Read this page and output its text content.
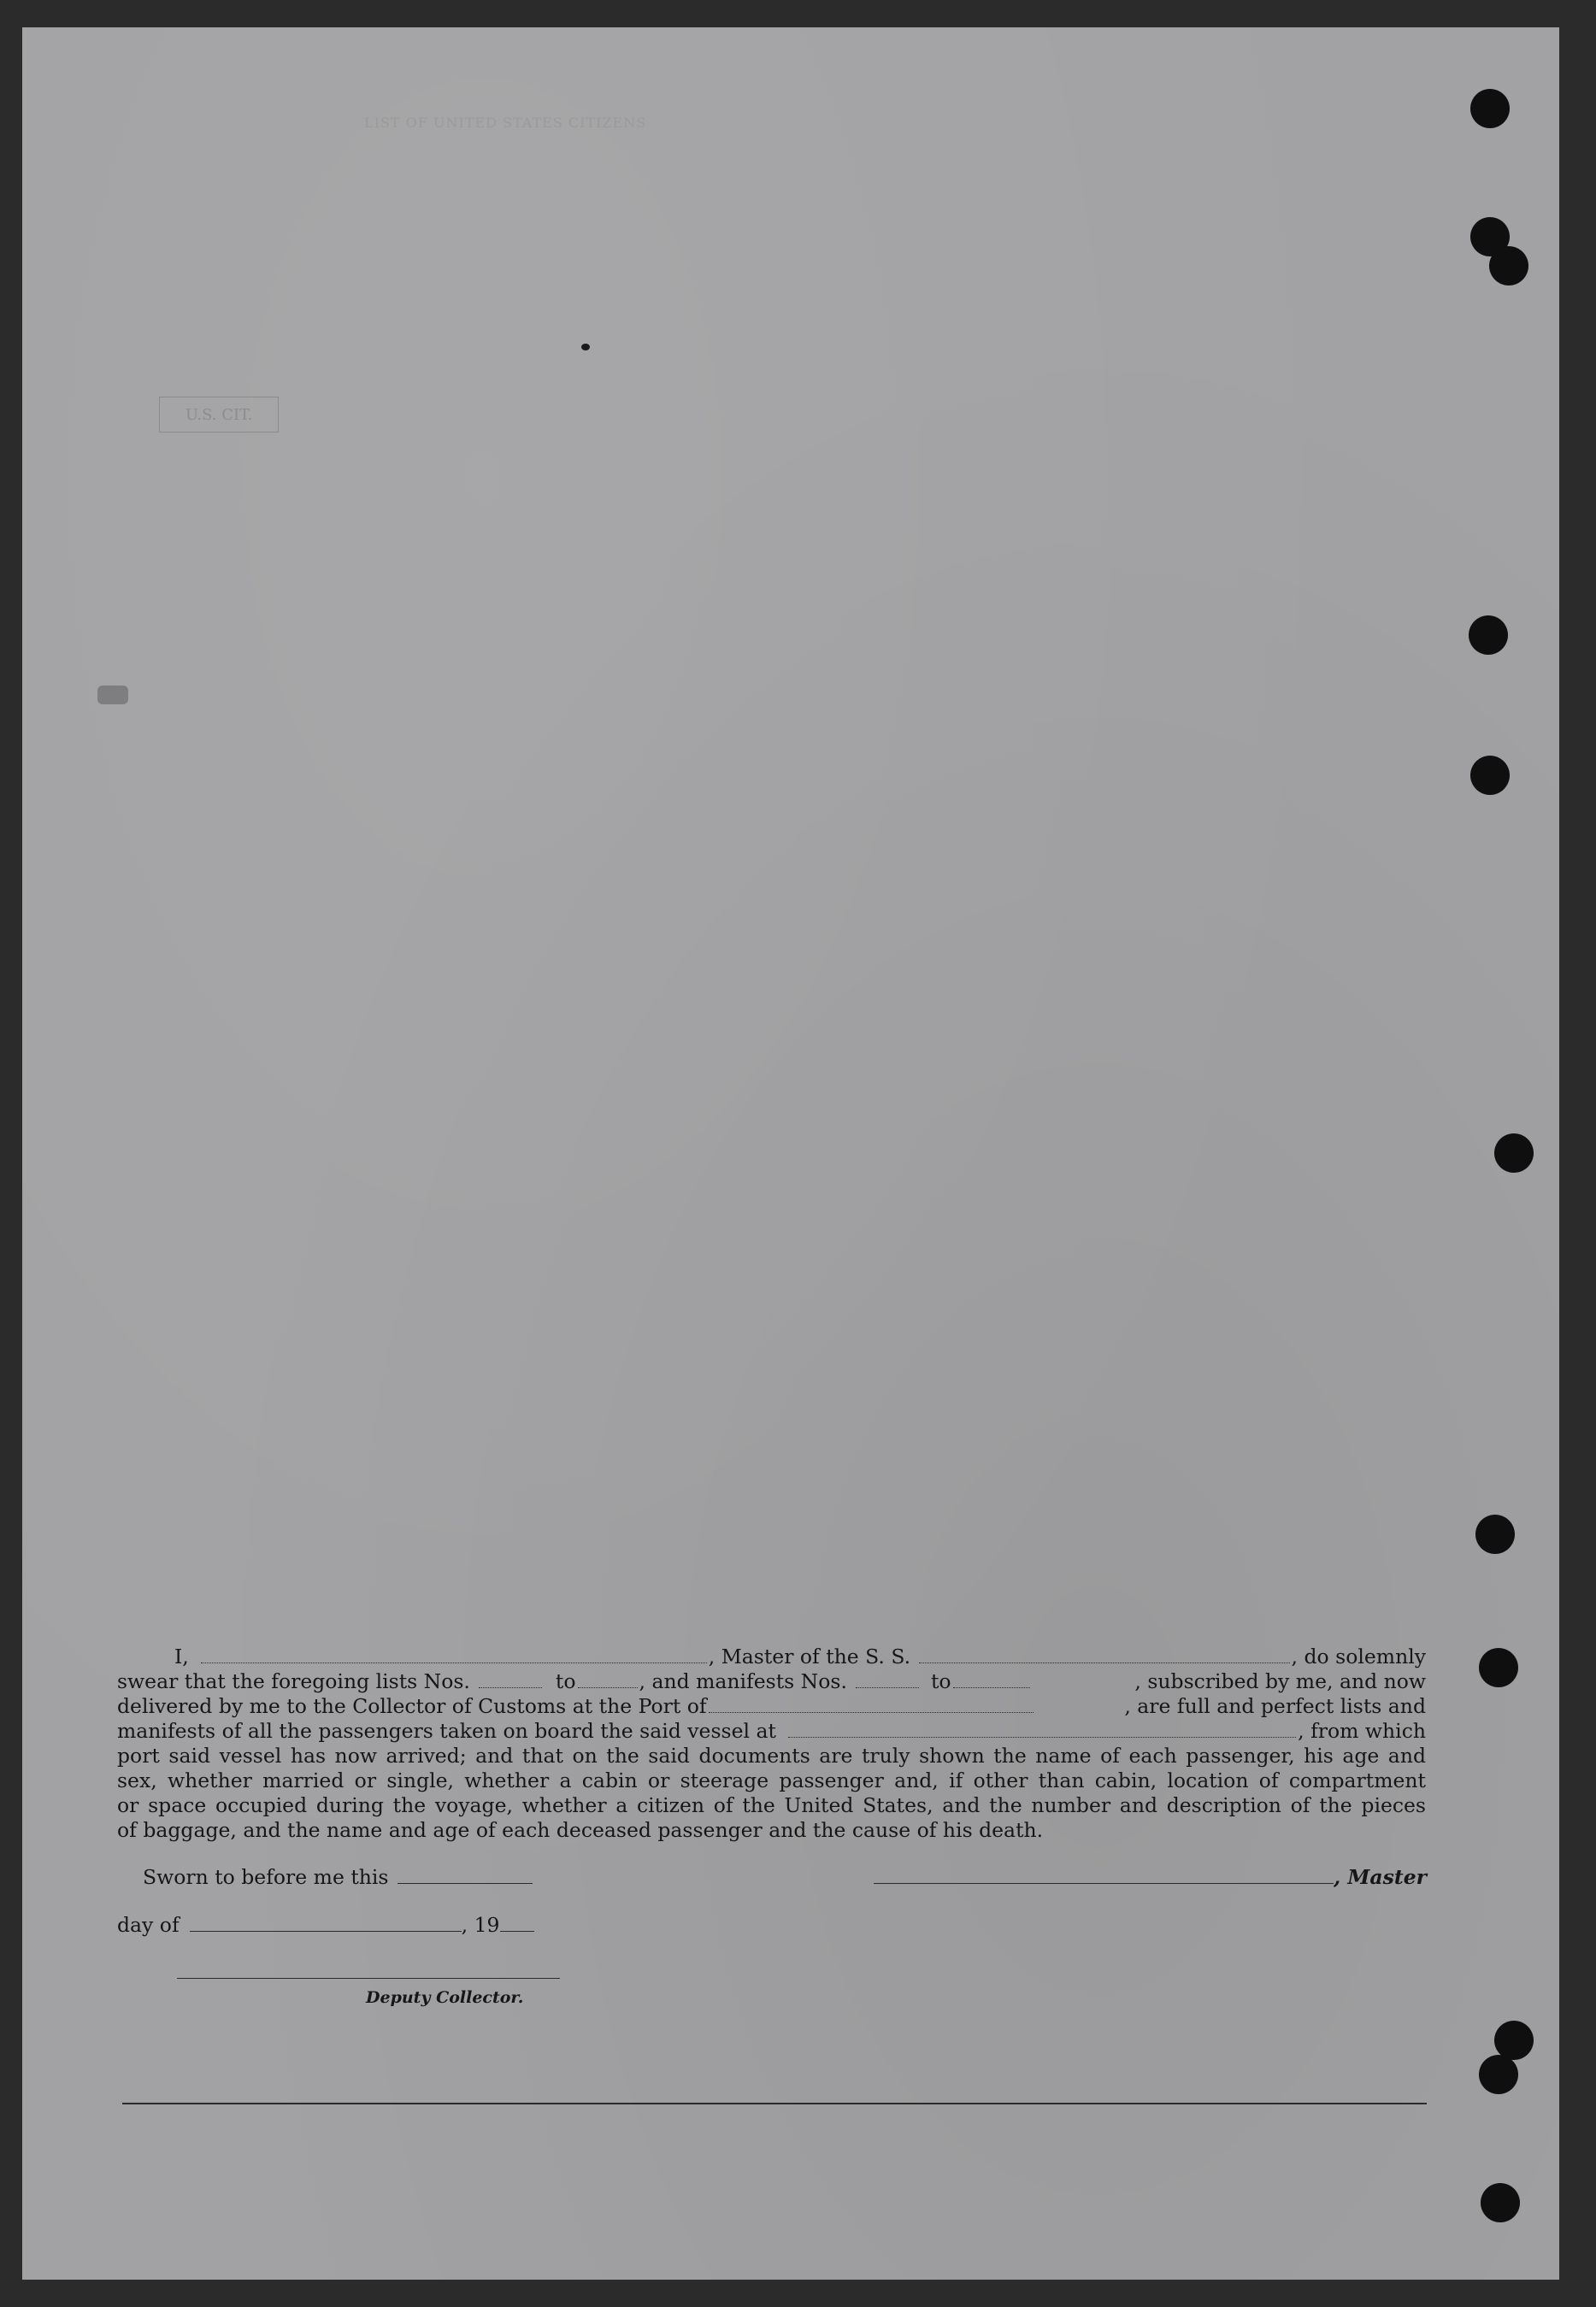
LIST OF UNITED STATES CITIZENS
U.S. CIT.
I,	, Master of the S. S.	, do solemnly
swear that the foregoing lists Nos.	to	, and manifests Nos.	to	, subscribed by me, and now
delivered by me to the Collector of Customs at the Port of	, are full and perfect lists and
manifests of all the passengers taken on board the said vessel at	, from which
port said vessel has now arrived; and that on the said documents are truly shown the name of each passenger, his age and
sex, whether married or single, whether a cabin or steerage passenger and, if other than cabin, location of compartment
or space occupied during the voyage, whether a citizen of the United States, and the number and description of the pieces
of baggage, and the name and age of each deceased passenger and the cause of his death.
Sworn to before me this	, Master
day of	, 19
Deputy Collector.
